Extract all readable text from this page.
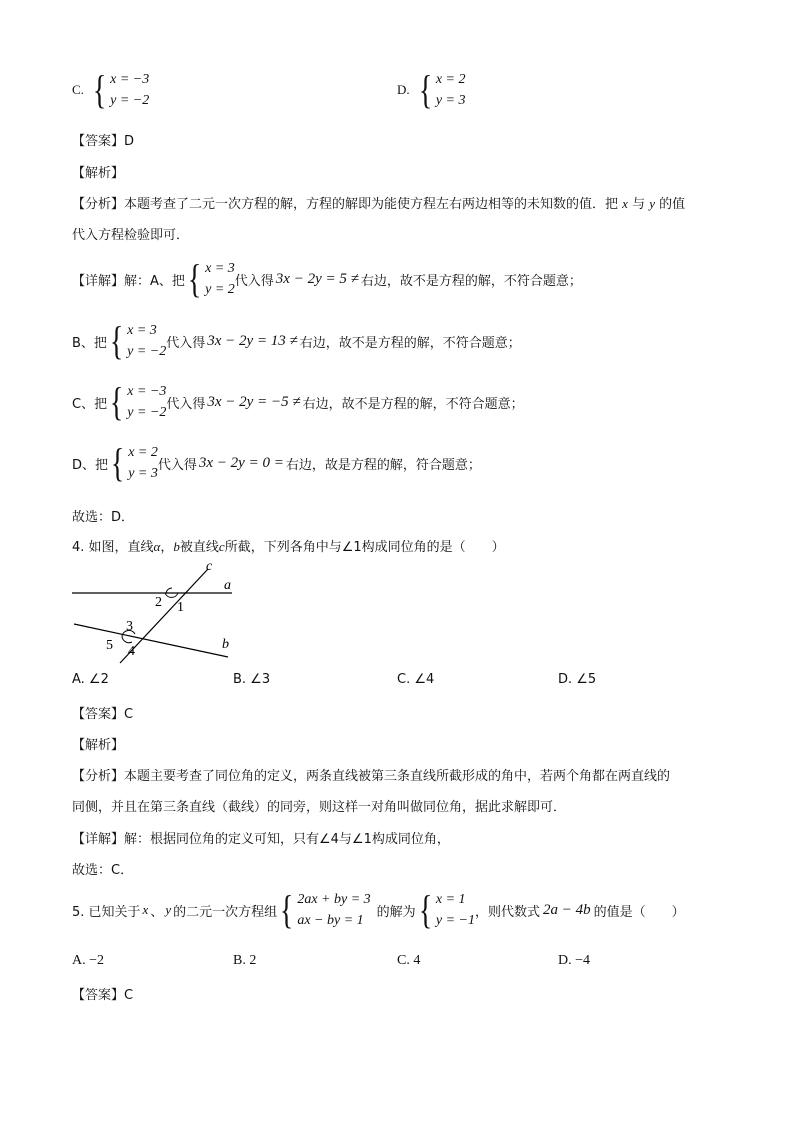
C. { x = −3
y = −2
D. { x = 2
y = 3
【答案】D
【解析】
【分析】本题考查了二元一次方程的解，方程的解即为能使方程左右两边相等的未知数的值．把 x 与 y 的值
代入方程检验即可．
【详解】解：A、把 { x = 3
y = 2
代入得 3x − 2y = 5 ≠ 右边，故不是方程的解，不符合题意；
B、把 { x = 3
y = −2
代入得 3x − 2y = 13 ≠ 右边，故不是方程的解，不符合题意；
C、把 { x = −3
y = −2
代入得 3x − 2y = −5 ≠ 右边，故不是方程的解，不符合题意；
D、把 { x = 2
y = 3
代入得 3x − 2y = 0 = 右边，故是方程的解，符合题意；
故选：D．
4. 如图，直线α，b被直线c所截，下列各角中与∠1构成同位角的是（　　）
c
a
b
1
2
3
4
5
A. ∠2	B. ∠3	C. ∠4	D. ∠5
【答案】C
【解析】
【分析】本题主要考查了同位角的定义，两条直线被第三条直线所截形成的角中，若两个角都在两直线的
同侧，并且在第三条直线（截线）的同旁，则这样一对角叫做同位角，据此求解即可．
【详解】解：根据同位角的定义可知，只有∠4与∠1构成同位角，
故选：C．
5. 已知关于 x 、 y 的二元一次方程组 { 2ax + by = 3
ax − by = 1
的解为 { x = 1
y = −1
，则代数式 2a − 4b 的值是（　　）
A. −2	B. 2	C. 4	D. −4
【答案】C
